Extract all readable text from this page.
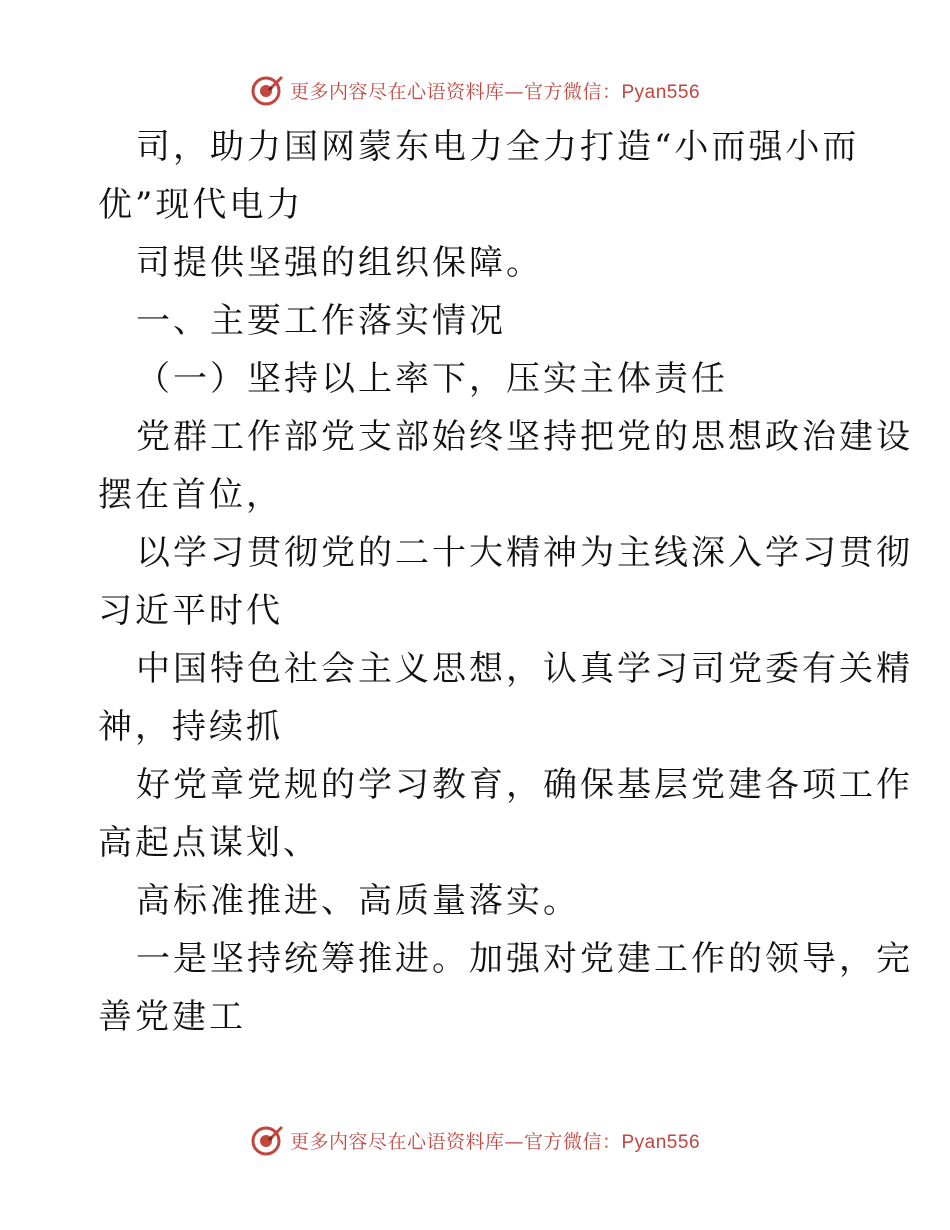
更多内容尽在心语资料库—官方微信：Pyan556
司，助力国网蒙东电力全力打造“小而强小而
优”现代电力
司提供坚强的组织保障。
一、主要工作落实情况
（一）坚持以上率下，压实主体责任
党群工作部党支部始终坚持把党的思想政治建设
摆在首位，
以学习贯彻党的二十大精神为主线深入学习贯彻
习近平时代
中国特色社会主义思想，认真学习司党委有关精
神，持续抓
好党章党规的学习教育，确保基层党建各项工作
高起点谋划、
高标准推进、高质量落实。
一是坚持统筹推进。加强对党建工作的领导，完
善党建工
更多内容尽在心语资料库—官方微信：Pyan556
